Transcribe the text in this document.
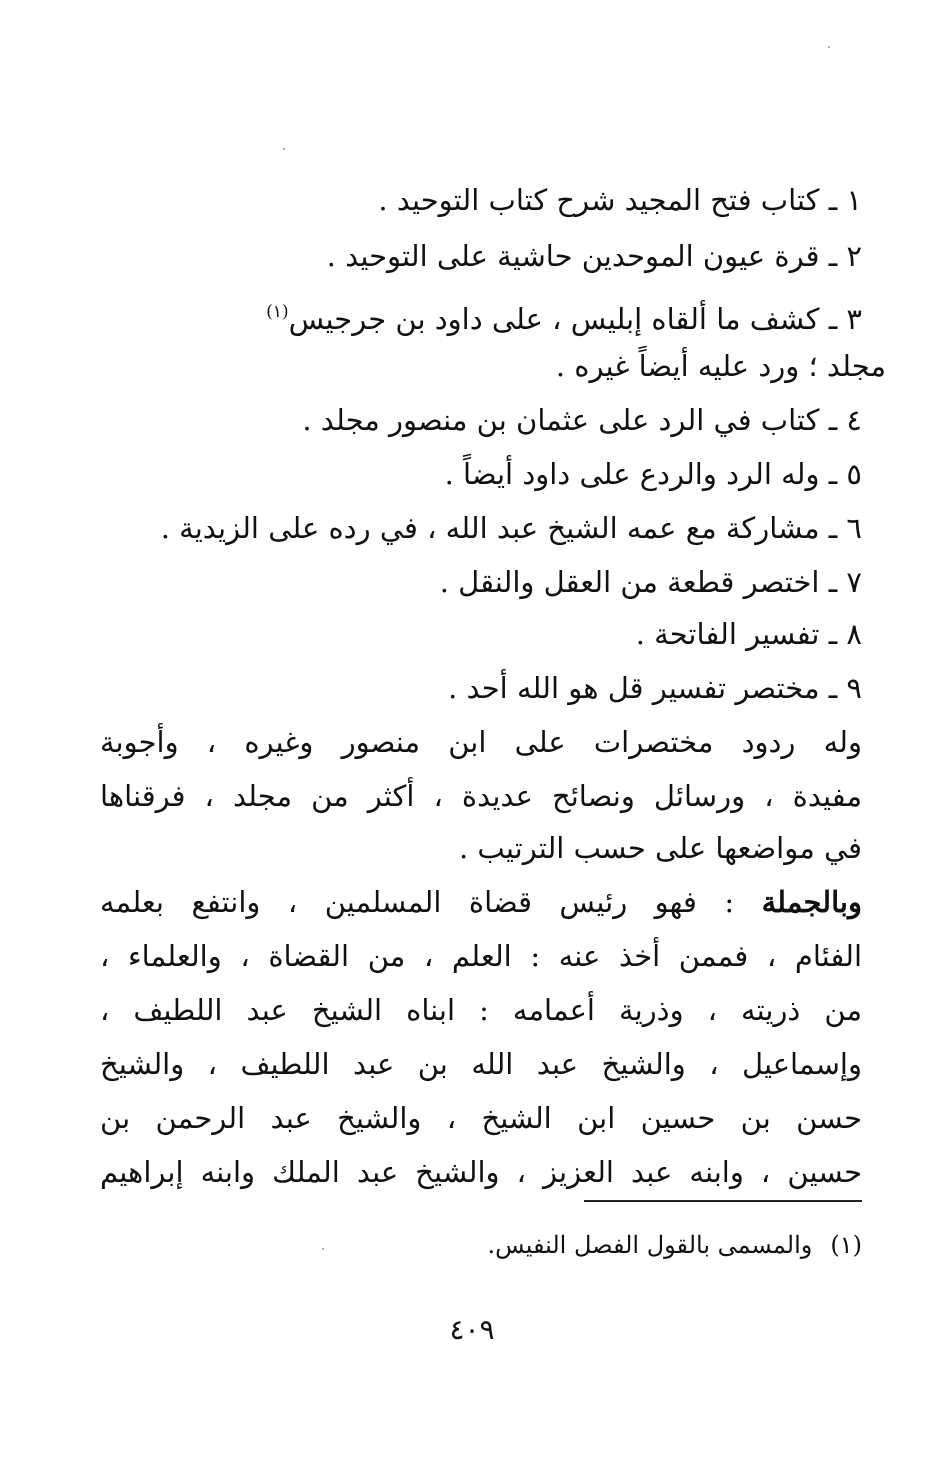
١ ـ كتاب فتح المجيد شرح كتاب التوحيد .
٢ ـ قرة عيون الموحدين حاشية على التوحيد .
٣ ـ كشف ما ألقاه إبليس ، على داود بن جرجيس$^{(١)}$
مجلد ؛ ورد عليه أيضاً غيره .
٤ ـ كتاب في الرد على عثمان بن منصور مجلد .
٥ ـ وله الرد والردع على داود أيضاً .
٦ ـ مشاركة مع عمه الشيخ عبد الله ، في رده على الزيدية .
٧ ـ اختصر قطعة من العقل والنقل .
٨ ـ تفسير الفاتحة .
٩ ـ مختصر تفسير قل هو الله أحد .
وله ردود مختصرات على ابن منصور وغيره ، وأجوبة
مفيدة ، ورسائل ونصائح عديدة ، أكثر من مجلد ، فرقناها
في مواضعها على حسب الترتيب .
وبالجملة : فهو رئيس قضاة المسلمين ، وانتفع بعلمه
الفئام ، فممن أخذ عنه : العلم ، من القضاة ، والعلماء ،
من ذريته ، وذرية أعمامه : ابناه الشيخ عبد اللطيف ،
وإسماعيل ، والشيخ عبد الله بن عبد اللطيف ، والشيخ
حسن بن حسين ابن الشيخ ، والشيخ عبد الرحمن بن
حسين ، وابنه عبد العزيز ، والشيخ عبد الملك وابنه إبراهيم
(١)والمسمى بالقول الفصل النفيس.
٤٠٩
